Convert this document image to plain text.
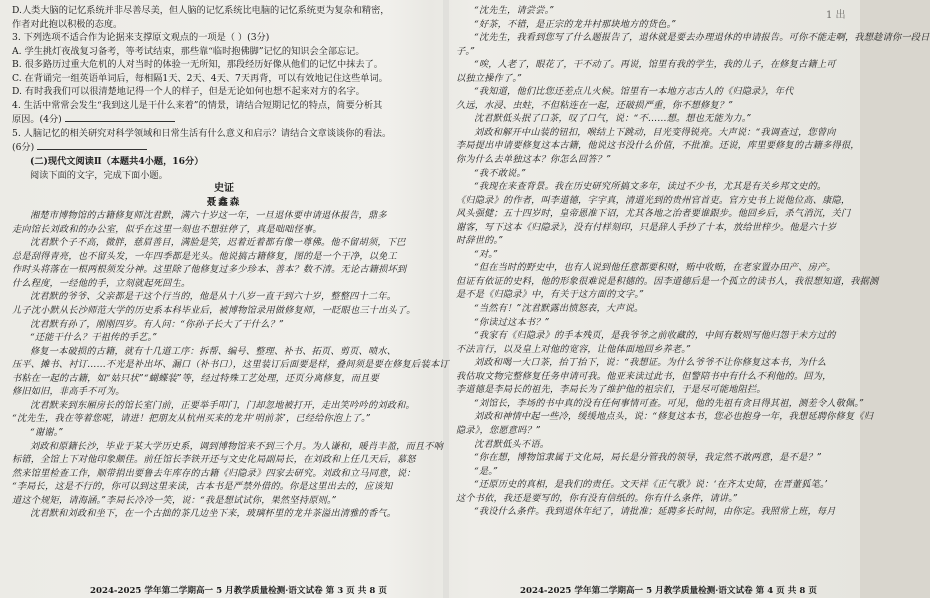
D.人类大脑的记忆系统并非尽善尽美，但人脑的记忆系统比电脑的记忆系统更为复杂和精密，
作者对此抱以积极的态度。
3. 下列选项不适合作为论据来支撑原文观点的一项是（ ）(3分)
A. 学生挑灯夜战复习备考，等考试结束，那些靠“临时抱佛脚”记忆的知识会全部忘记。
B. 很多路历过重大危机的人对当时的体验一无所知，那段经历好像从他们的记忆中抹去了。
C. 在背诵完一组英语单词后，每相隔1天、2天、4天、7天再背，可以有效地记住这些单词。
D. 有时我我们可以很清楚地记得一个人的样子，但是无论如何也想不起来对方的名字。
4. 生活中常常会发生“我到这儿是干什么来着”的情景，请结合短期记忆的特点，简要分析其
原因。(4分)
5. 人脑记忆的相关研究对科学领域和日常生活有什么意义和启示？请结合文章谈谈你的看法。
(6分)
(二)现代文阅读Ⅱ（本题共4小题，16分）
阅读下面的文字，完成下面小题。
史证
聂鑫森
湘楚市博物馆的古籍修复师沈君默，满六十岁这一年，一旦退休要申请退休报告，鼎多
走向馆长刘政和的办公室，似乎在这里一刻也不想驻停了，真是咄咄怪事。
沈君默个子不高，微胖，慈眉善目，满脸是笑，迟着近着都有像一尊佛。他不留胡须，下巴
总是刮得青亮，也不留头发，一年四季都是光头。他说搞古籍修复，图的是一个干净，以免工
作时头将落在一根两根须发分神。这里除了他修复过多少珍本、善本？数不清。无论古籍损坏到
什么程度，一经他的手，立刻就起死回生。
沈君默的爷爷、父亲都是干这个行当的，他是从十八岁一直干到六十岁，整整四十二年。
儿子沈小默从长沙师范大学的历史系本科毕业后，被博物馆录用做修复师，一眨眼也三十出头了。
沈君默有孙了，刚刚四岁。有人问：“你孙子长大了干什么？”
“还能干什么？干祖传的手艺。”
修复一本破损的古籍，就有十几道工序：拆帮、编号、整理、补书、拓页、剪页、喷水、
压平、摊书、衬订……不光是补出坏、漏口（补书口），这里装订后面要是样，叠间须是要在修复后装本订
书粘在一起的古籍，如“姑只状”“蝴蝶装”等，经过特殊工艺处理，还页分离修复，而且要
修旧如旧，非高手不可为。
沈君默来到东厢房长的馆长室门前，正要举手叩门，门却忽地被打开，走出笑吟吟的刘政和。
“沈先生，我在等着您呢，请进！把朋友从杭州买来的龙井‘明前茶’，已经给你泡上了。”
“谢谢。”
刘政和原籍长沙，毕业于某大学历史系，调到博物馆来不到三个月。为人谦和，暖肖丰盈，而且不响
标错，全馆上下对他印象颇佳。前任馆长李铁开还与文史化局副局长，在刘政和上任几天后，慕怒
然来馆里检查工作，顺带捐出要鲁去年库存的古籍《归隐录》四家去研究。刘政和立马同意，说：
“李局长，这是不行的，你可以到这里来读，古本书是严禁外借的。你是这里出去的，应该知
道这个规矩，请海涵。”李局长冷冷一笑，说：“我是想试试你，果然坚持原则。”
沈君默和刘政和坐下，在一个古拙的茶几边坐下来，玻璃杯里的龙井茶溢出清雅的香气。
“沈先生，请尝尝。”
“好茶，不错，是正宗的龙井村那块地方的货色。”
“沈先生，我看到您写了什么题报告了，退休就是要去办理退休的申请报告。可你不能走啊，我想趁请你一段日
子。”
“唉，人老了，眼花了，干不动了。再说，馆里有我的学生，我的儿子，在修复古籍上可
以独立操作了。”
“我知道，他们比您还差点儿火候。馆里有一本地方志古人的《归隐录》，年代
久远，水浸、虫蛀，不但粘连在一起，还破损严重，你不想修复？”
沈君默低头抿了口茶，叹了口气，说：“不……想。想也无能为力。”
刘政和解开中山装的钮扣，喉结上下跳动，目光变得锐亮。大声说：“我调查过，您曾向
李局提出申请要修复这本古籍，他说这书没什么价值，不批准。还说，库里要修复的古籍多得很，
你为什么去单独这本？你怎么回答？”
“我不敢说。”
“我现在来查背景。我在历史研究所搞文多年，读过不少书，尤其是有关乡邦文史的。
《归隐录》的作者，叫李道德，字宇真，清道光到的贵州官首吏。官方史书上说他位高、康隐，
风头强健；五十四岁时，皇帝恩准下诏，尤其各地之治者要谁跟步。他回乡后，杀气消沉，关门
谢客，写下这本《归隐录》，没有付样刻印，只是辞人手抄了十本，放给世梓少。他是六十岁
时辞世的。”
“对。”
“但在当时的野史中，也有人说到他任意都要积财，贿中收贿，在老家置办田产、房产。
但证有依证的史料，他的形象很难说是积德的。因李道德后是一个孤立的读书人，我很想知道，我据测
是不是《归隐录》中，有关于这方面的文字。”
“当然有！”沈君默露出愤怒表，大声说。
“你读过这本书？”
“我家有《归隐录》的手本残页，是我爷爷之前收藏的，中间有数则写他归怨于未方过的
不法言行，以及皇上对他的宽容，让他体面地回乡养老。”
刘政和喝一大口茶，抬丁抬下，说：“我想证。为什么爷爷不让你修复这本书，为什么
我估取文物完整修复任务申请可我。他亚来读过此书，但警陪书中有什么不利他的。回为，
李道德是李局长的祖先，李局长为了维护他的祖宗们，于是尽可能地阻拦。
“刘馆长，李场的书中真的没有任何事情可查。可见，他的先祖有贪目得其祖，测差令人敬佩。”
刘政和神情中起一些冷，缓缓地点头，说：“修复这本书，您必也抱身一年，我想延聘你修复《归
隐录》，您愿意吗？”
沈君默低头不语。
“你在想，博物馆隶属于文化局，局长是分管我的领导，我定然不敢两意，是不是？”
“是。”
“还原历史的真相，是我们的责任。文天祥《正气歌》说：‘在齐太史简，在晋董狐笔。’
这个书依，我还是要写的，你有没有信纸的。你有什么条件，请讲。”
“我设什么条件。我到退休年纪了，请批准；延聘多长时间，由你定。我照常上班，每月
1 出
2024-2025 学年第二学期高一 5 月教学质量检测·语文试卷 第 3 页 共 8 页	2024-2025 学年第二学期高一 5 月教学质量检测·语文试卷 第 4 页 共 8 页
